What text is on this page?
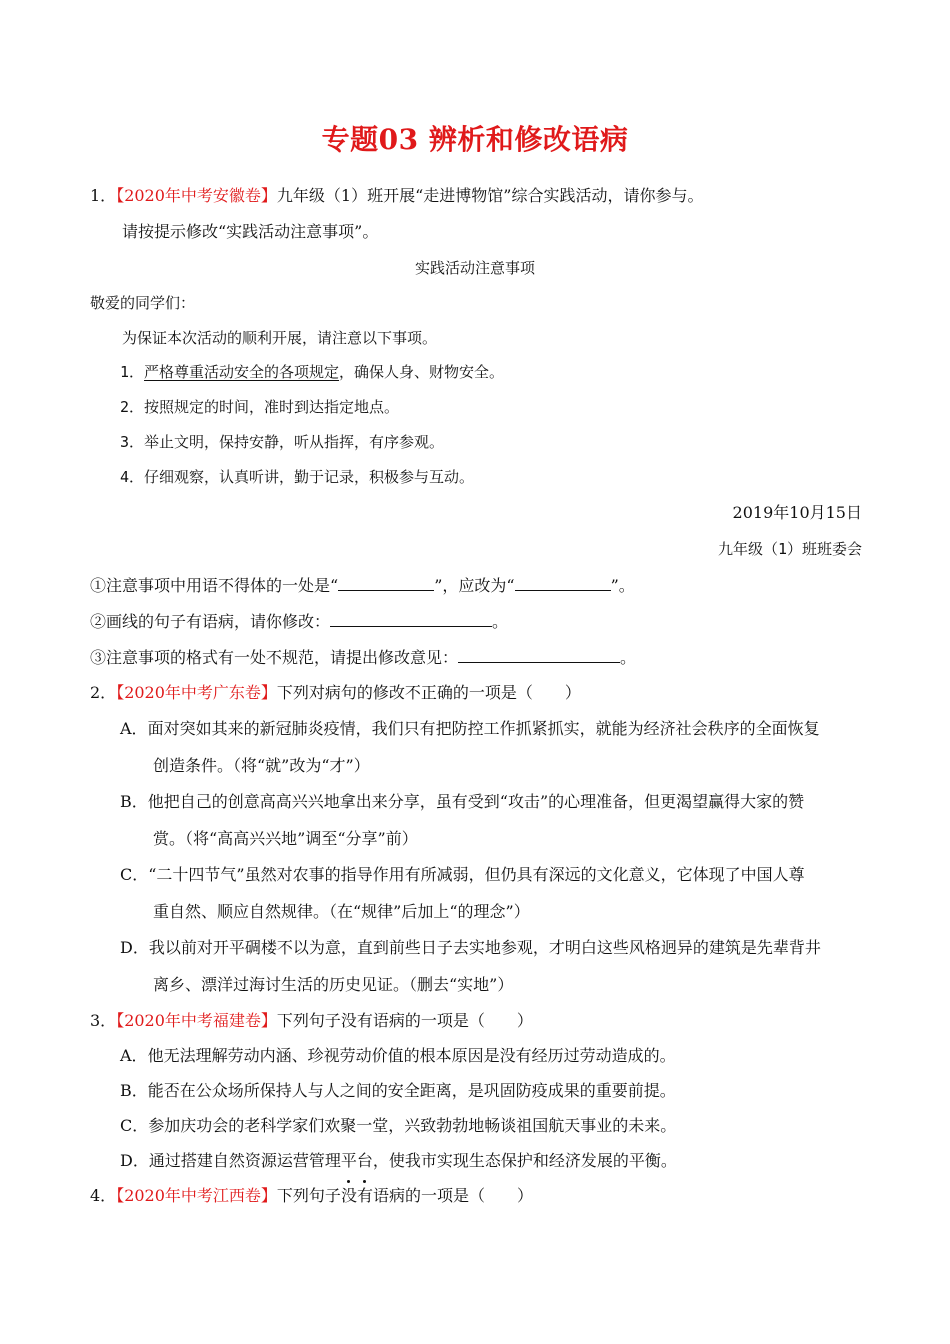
专题03 辨析和修改语病
1．【2020年中考安徽卷】九年级（1）班开展“走进博物馆”综合实践活动，请你参与。
请按提示修改“实践活动注意事项”。
实践活动注意事项
敬爱的同学们：
为保证本次活动的顺利开展，请注意以下事项。
1．严格尊重活动安全的各项规定，确保人身、财物安全。
2．按照规定的时间，准时到达指定地点。
3．举止文明，保持安静，听从指挥，有序参观。
4．仔细观察，认真听讲，勤于记录，积极参与互动。
2019年10月15日
九年级（1）班班委会
①注意事项中用语不得体的一处是“	”，应改为“	”。
②画线的句子有语病，请你修改：	。
③注意事项的格式有一处不规范，请提出修改意见：	。
2．【2020年中考广东卷】下列对病句的修改不正确的一项是（　　）
A．面对突如其来的新冠肺炎疫情，我们只有把防控工作抓紧抓实，就能为经济社会秩序的全面恢复
创造条件。（将“就”改为“才”）
B．他把自己的创意高高兴兴地拿出来分享，虽有受到“攻击”的心理准备，但更渴望赢得大家的赞
赏。（将“高高兴兴地”调至“分享”前）
C．“二十四节气”虽然对农事的指导作用有所减弱，但仍具有深远的文化意义，它体现了中国人尊
重自然、顺应自然规律。（在“规律”后加上“的理念”）
D．我以前对开平碉楼不以为意，直到前些日子去实地参观，才明白这些风格迥异的建筑是先辈背井
离乡、漂洋过海讨生活的历史见证。（删去“实地”）
3．【2020年中考福建卷】下列句子没有语病的一项是（　　）
A．他无法理解劳动内涵、珍视劳动价值的根本原因是没有经历过劳动造成的。
B．能否在公众场所保持人与人之间的安全距离，是巩固防疫成果的重要前提。
C．参加庆功会的老科学家们欢聚一堂，兴致勃勃地畅谈祖国航天事业的未来。
D．通过搭建自然资源运营管理平台，使我市实现生态保护和经济发展的平衡。
4．【2020年中考江西卷】下列句子没有语病的一项是（　　）
